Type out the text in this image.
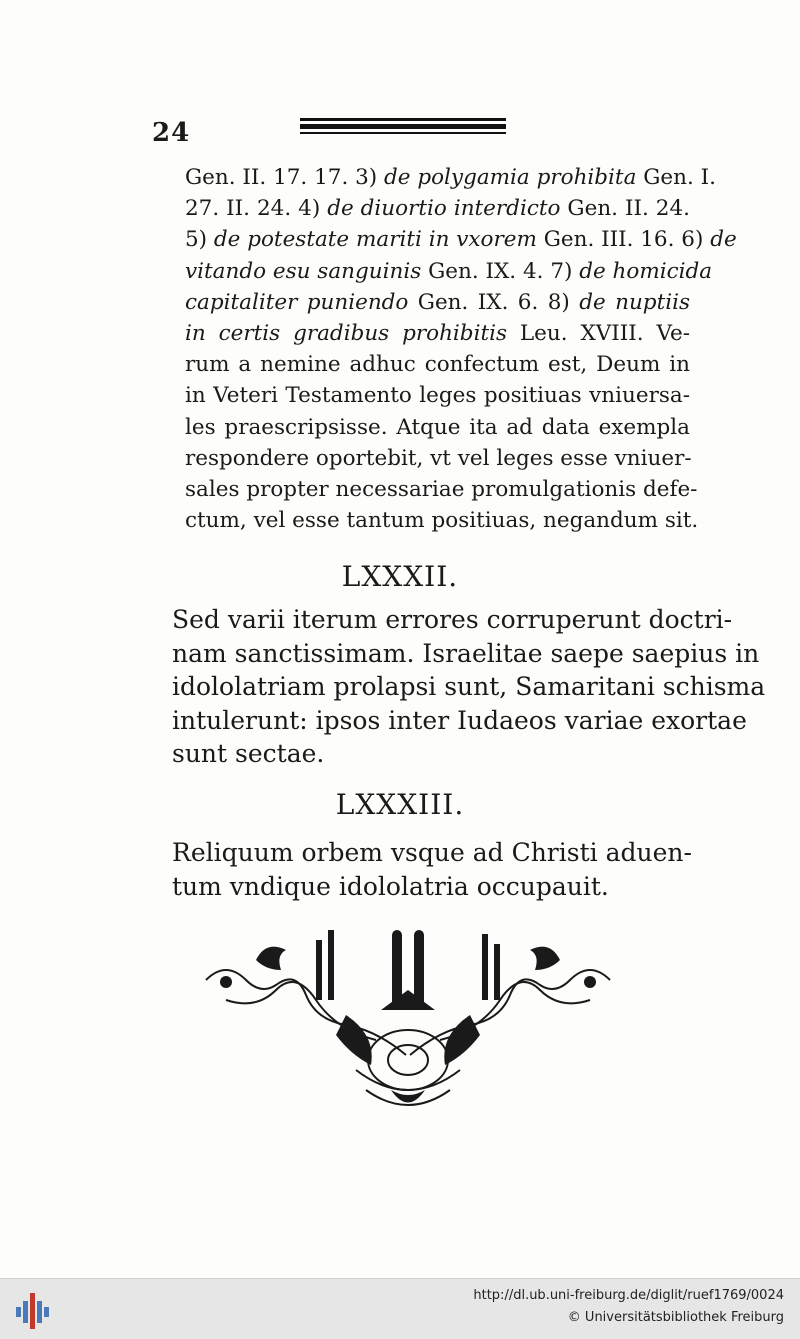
24
Gen. II. 17. 17. 3) de polygamia prohibita Gen. I.
27. II. 24. 4) de diuortio interdicto Gen. II. 24.
5) de potestate mariti in vxorem Gen. III. 16. 6) de
vitando esu sanguinis Gen. IX. 4. 7) de homicida
capitaliter puniendo Gen. IX. 6. 8) de nuptiis
in certis gradibus prohibitis Leu. XVIII. Ve-
rum a nemine adhuc confectum est, Deum in
in Veteri Testamento leges positiuas vniuersa-
les praescripsisse. Atque ita ad data exempla
respondere oportebit, vt vel leges esse vniuer-
sales propter necessariae promulgationis defe-
ctum, vel esse tantum positiuas, negandum sit.
LXXXII.
Sed varii iterum errores corruperunt doctri-
nam sanctissimam. Israelitae saepe saepius in
idololatriam prolapsi sunt, Samaritani schisma
intulerunt: ipsos inter Iudaeos variae exortae
sunt sectae.
LXXXIII.
Reliquum orbem vsque ad Christi aduen-
tum vndique idololatria occupauit.
http://dl.ub.uni-freiburg.de/diglit/ruef1769/0024
© Universitätsbibliothek Freiburg
